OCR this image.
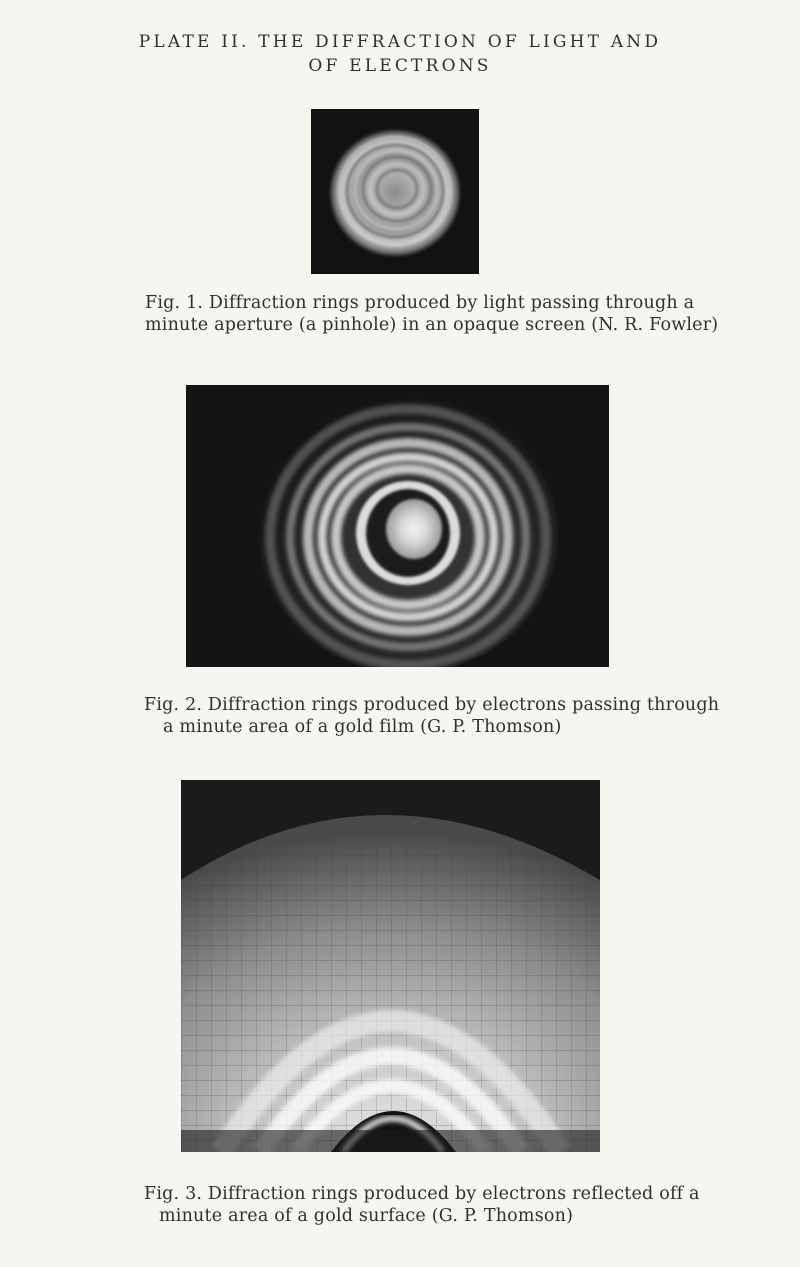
PLATE II. THE DIFFRACTION OF LIGHT AND
OF ELECTRONS
Fig. 1. Diffraction rings produced by light passing through a
minute aperture (a pinhole) in an opaque screen (N. R. Fowler)
Fig. 2. Diffraction rings produced by electrons passing through
a minute area of a gold film (G. P. Thomson)
Fig. 3. Diffraction rings produced by electrons reflected off a
minute area of a gold surface (G. P. Thomson)
